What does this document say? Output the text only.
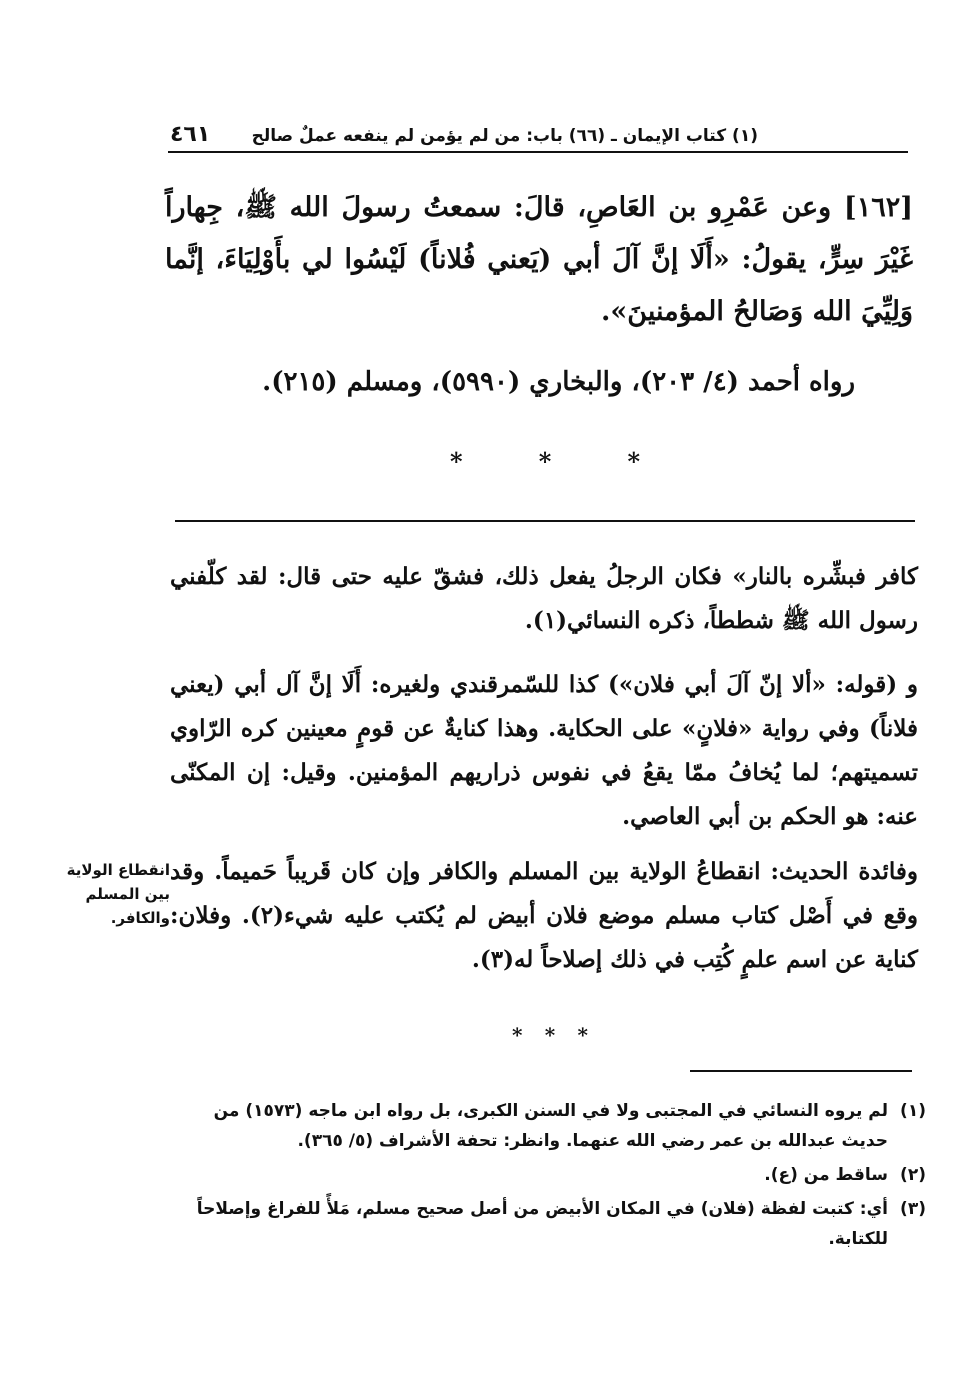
(١) كتاب الإيمان ـ (٦٦) باب: من لم يؤمن لم ينفعه عملٌ صالح
٤٦١

[١٦٢] وعن عَمْرِو بن العَاصِ، قالَ: سمعتُ رسولَ الله ﷺ، جِهاراً غَيْرَ سِرٍّ، يقولُ: «أَلَا إنَّ آلَ أبي (يَعني فُلاناً) لَيْسُوا لي بأَوْلِيَاءَ، إنَّما وَلِيِّيَ الله وَصَالحُ المؤمنينَ».

رواه أحمد (٤/ ٢٠٣)، والبخاري (٥٩٩٠)، ومسلم (٢١٥).

*
*
*

كافر فبشِّره بالنار» فكان الرجلُ يفعل ذلك، فشقّ عليه حتى قال: لقد كلّفني رسول الله ﷺ شططاً، ذكره النسائي(١).

و (قوله: «ألا إنّ آلَ أبي فلان») كذا للسّمرقندي ولغيره: أَلَا إنَّ آل أبي (يعني فلاناً) وفي رواية «فلانٍ» على الحكاية. وهذا كنايةٌ عن قومٍ معينين كره الرّاوي تسميتهم؛ لما يُخافُ ممّا يقعُ في نفوس ذراريهم المؤمنين. وقيل: إن المكنّى عنه: هو الحكم بن أبي العاصي.

وفائدة الحديث: انقطاعُ الولاية بين المسلم والكافر وإن كان قَريباً حَميماً. وقد وقع في أَصْل كتاب مسلم موضع فلان أبيض لم يُكتب عليه شيء(٢). وفلان: كناية عن اسم علمٍ كُتِب في ذلك إصلاحاً له(٣).

انقطاع الولاية بين المسلم والكافر.
*
*
*

(١)
لم يروه النسائي في المجتبى ولا في السنن الكبرى، بل رواه ابن ماجه (١٥٧٣) من حديث عبدالله بن عمر رضي الله عنهما. وانظر: تحفة الأشراف (٥/ ٣٦٥).

(٢)
ساقط من (ع).

(٣)
أي: كتبت لفظة (فلان) في المكان الأبيض من أصل صحيح مسلم، مَلأً للفراغ وإصلاحاً للكتابة.
